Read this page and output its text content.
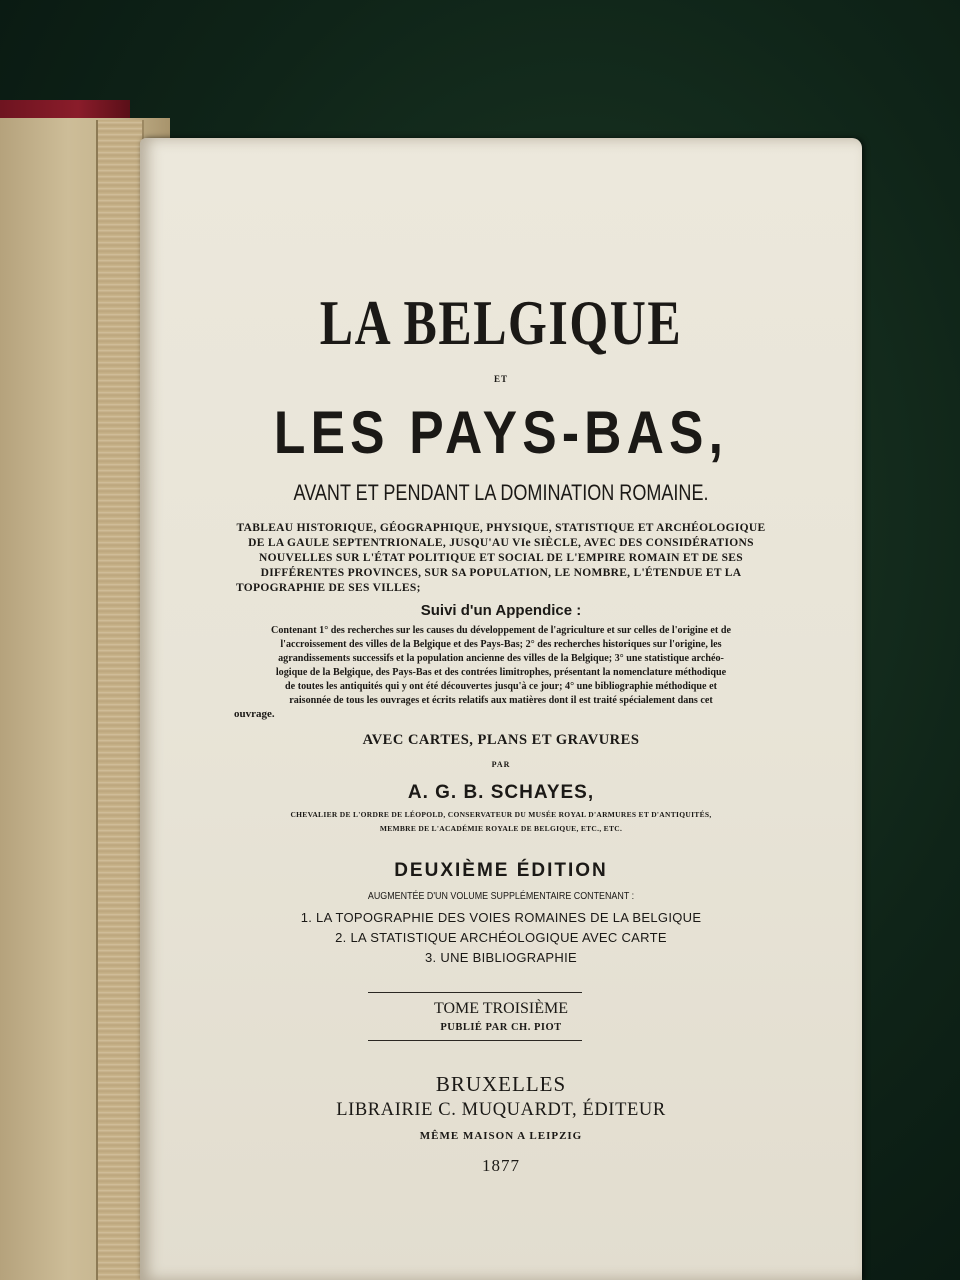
LA BELGIQUE
ET
LES PAYS-BAS,
AVANT ET PENDANT LA DOMINATION ROMAINE.
TABLEAU HISTORIQUE, GÉOGRAPHIQUE, PHYSIQUE, STATISTIQUE ET ARCHÉOLOGIQUE
DE LA GAULE SEPTENTRIONALE, JUSQU'AU VIe SIÈCLE, AVEC DES CONSIDÉRATIONS
NOUVELLES SUR L'ÉTAT POLITIQUE ET SOCIAL DE L'EMPIRE ROMAIN ET DE SES
DIFFÉRENTES PROVINCES, SUR SA POPULATION, LE NOMBRE, L'ÉTENDUE ET LA
TOPOGRAPHIE DE SES VILLES;
Suivi d'un Appendice :
Contenant 1° des recherches sur les causes du développement de l'agriculture et sur celles de l'origine et de
l'accroissement des villes de la Belgique et des Pays-Bas; 2° des recherches historiques sur l'origine, les
agrandissements successifs et la population ancienne des villes de la Belgique; 3° une statistique archéo-
logique de la Belgique, des Pays-Bas et des contrées limitrophes, présentant la nomenclature méthodique
de toutes les antiquités qui y ont été découvertes jusqu'à ce jour; 4° une bibliographie méthodique et
raisonnée de tous les ouvrages et écrits relatifs aux matières dont il est traité spécialement dans cet
ouvrage.
AVEC CARTES, PLANS ET GRAVURES
PAR
A. G. B. SCHAYES,
CHEVALIER DE L'ORDRE DE LÉOPOLD, CONSERVATEUR DU MUSÉE ROYAL D'ARMURES ET D'ANTIQUITÉS,
MEMBRE DE L'ACADÉMIE ROYALE DE BELGIQUE, ETC., ETC.
DEUXIÈME ÉDITION
AUGMENTÉE D'UN VOLUME SUPPLÉMENTAIRE CONTENANT :
1. LA TOPOGRAPHIE DES VOIES ROMAINES DE LA BELGIQUE
2. LA STATISTIQUE ARCHÉOLOGIQUE AVEC CARTE
3. UNE BIBLIOGRAPHIE
TOME TROISIÈME
PUBLIÉ PAR CH. PIOT
BRUXELLES
LIBRAIRIE C. MUQUARDT, ÉDITEUR
MÊME MAISON A LEIPZIG
1877
